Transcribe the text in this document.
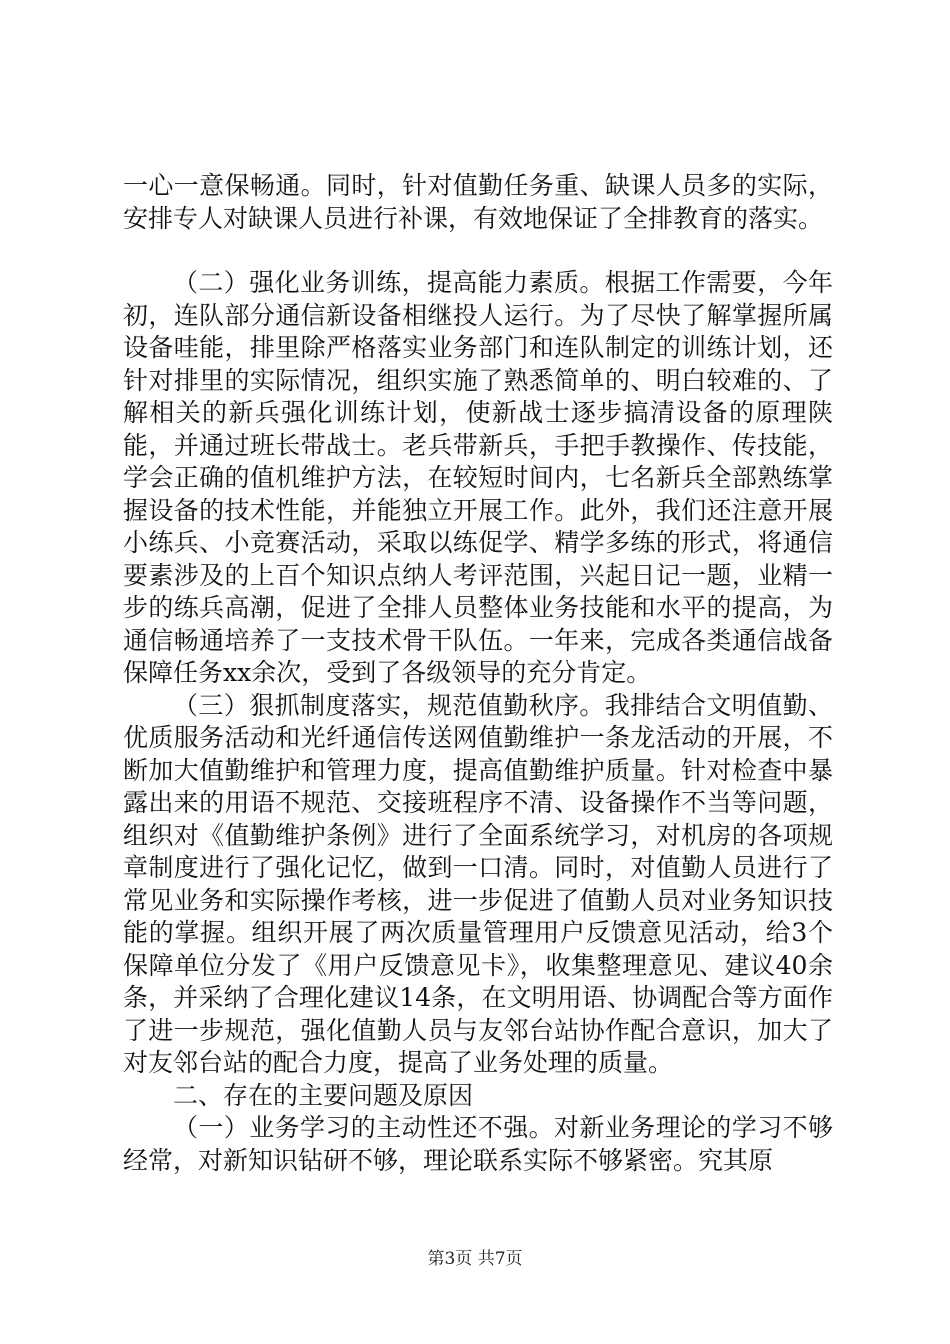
一心一意保畅通。同时，针对值勤任务重、缺课人员多的实际，安排专人对缺课人员进行补课，有效地保证了全排教育的落实。

（二）强化业务训练，提高能力素质。根据工作需要，今年初，连队部分通信新设备相继投人运行。为了尽快了解掌握所属设备哇能，排里除严格落实业务部门和连队制定的训练计划，还针对排里的实际情况，组织实施了熟悉简单的、明白较难的、了解相关的新兵强化训练计划，使新战士逐步搞清设备的原理陕能，并通过班长带战士。老兵带新兵，手把手教操作、传技能，学会正确的值机维护方法，在较短时间内，七名新兵全部熟练掌握设备的技术性能，并能独立开展工作。此外，我们还注意开展小练兵、小竞赛活动，采取以练促学、精学多练的形式，将通信要素涉及的上百个知识点纳人考评范围，兴起日记一题，业精一步的练兵高潮，促进了全排人员整体业务技能和水平的提高，为通信畅通培养了一支技术骨干队伍。一年来，完成各类通信战备保障任务xx余次，受到了各级领导的充分肯定。

（三）狠抓制度落实，规范值勤秋序。我排结合文明值勤、优质服务活动和光纤通信传送网值勤维护一条龙活动的开展，不断加大值勤维护和管理力度，提高值勤维护质量。针对检查中暴露出来的用语不规范、交接班程序不清、设备操作不当等问题，组织对《值勤维护条例》进行了全面系统学习，对机房的各项规章制度进行了强化记忆，做到一口清。同时，对值勤人员进行了常见业务和实际操作考核，进一步促进了值勤人员对业务知识技能的掌握。组织开展了两次质量管理用户反馈意见活动，给3个保障单位分发了《用户反馈意见卡》，收集整理意见、建议40余条，并采纳了合理化建议14条，在文明用语、协调配合等方面作了进一步规范，强化值勤人员与友邻台站协作配合意识，加大了对友邻台站的配合力度，提高了业务处理的质量。

二、存在的主要问题及原因

（一）业务学习的主动性还不强。对新业务理论的学习不够经常，对新知识钻研不够，理论联系实际不够紧密。究其原

第3页 共7页
